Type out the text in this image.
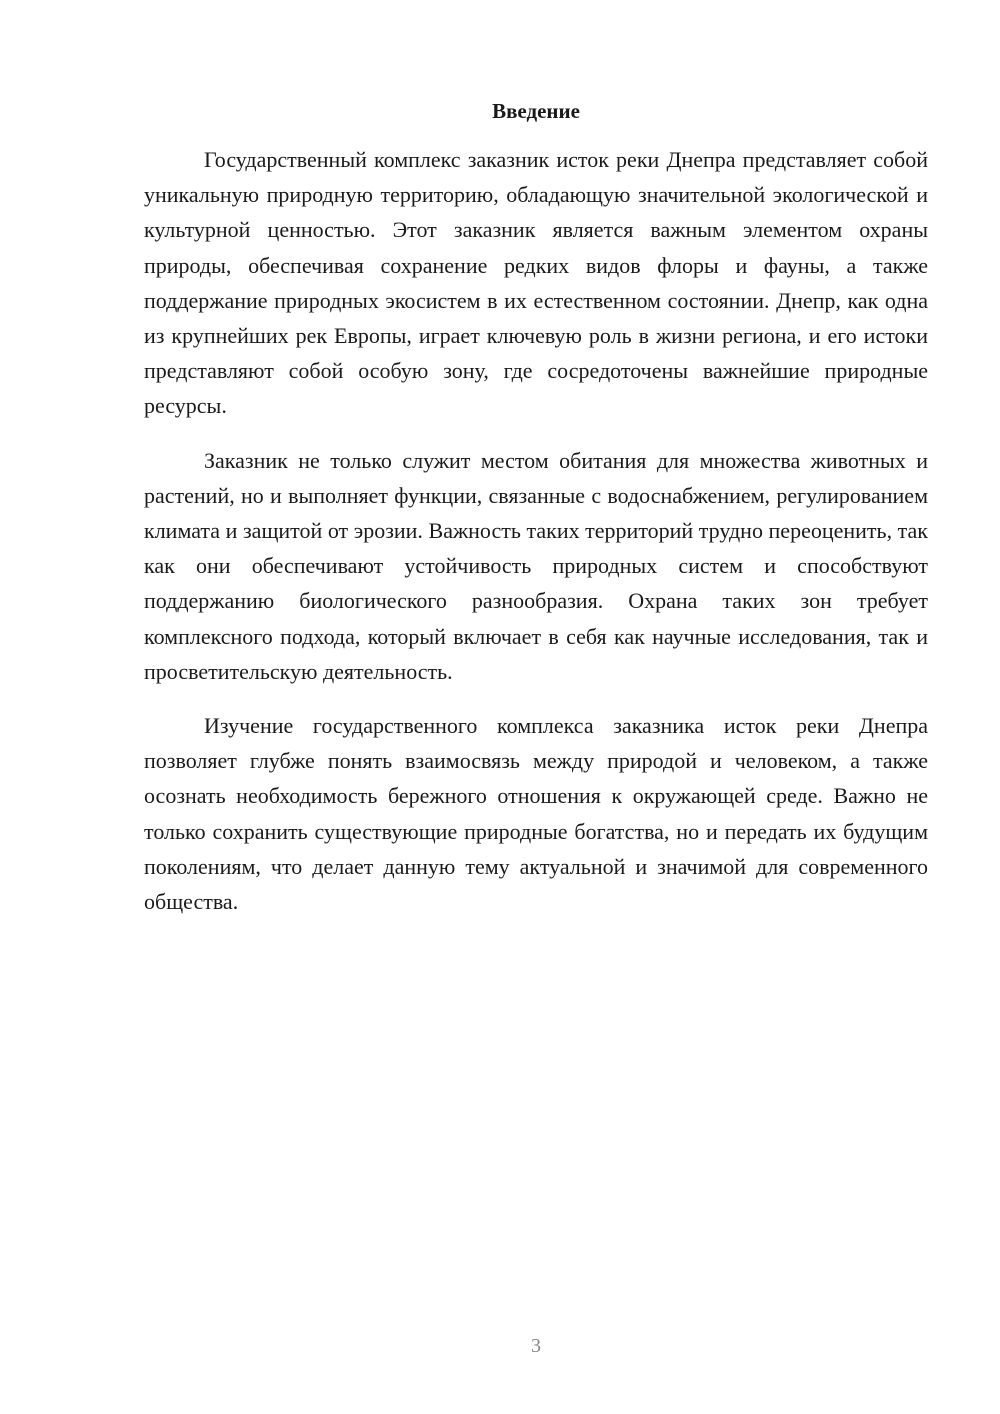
Введение

Государственный комплекс заказник исток реки Днепра представляет собой уникальную природную территорию, обладающую значительной экологической и культурной ценностью. Этот заказник является важным элементом охраны природы, обеспечивая сохранение редких видов флоры и фауны, а также поддержание природных экосистем в их естественном состоянии. Днепр, как одна из крупнейших рек Европы, играет ключевую роль в жизни региона, и его истоки представляют собой особую зону, где сосредоточены важнейшие природные ресурсы.

Заказник не только служит местом обитания для множества животных и растений, но и выполняет функции, связанные с водоснабжением, регулированием климата и защитой от эрозии. Важность таких территорий трудно переоценить, так как они обеспечивают устойчивость природных систем и способствуют поддержанию биологического разнообразия. Охрана таких зон требует комплексного подхода, который включает в себя как научные исследования, так и просветительскую деятельность.

Изучение государственного комплекса заказника исток реки Днепра позволяет глубже понять взаимосвязь между природой и человеком, а также осознать необходимость бережного отношения к окружающей среде. Важно не только сохранить существующие природные богатства, но и передать их будущим поколениям, что делает данную тему актуальной и значимой для современного общества.

3
